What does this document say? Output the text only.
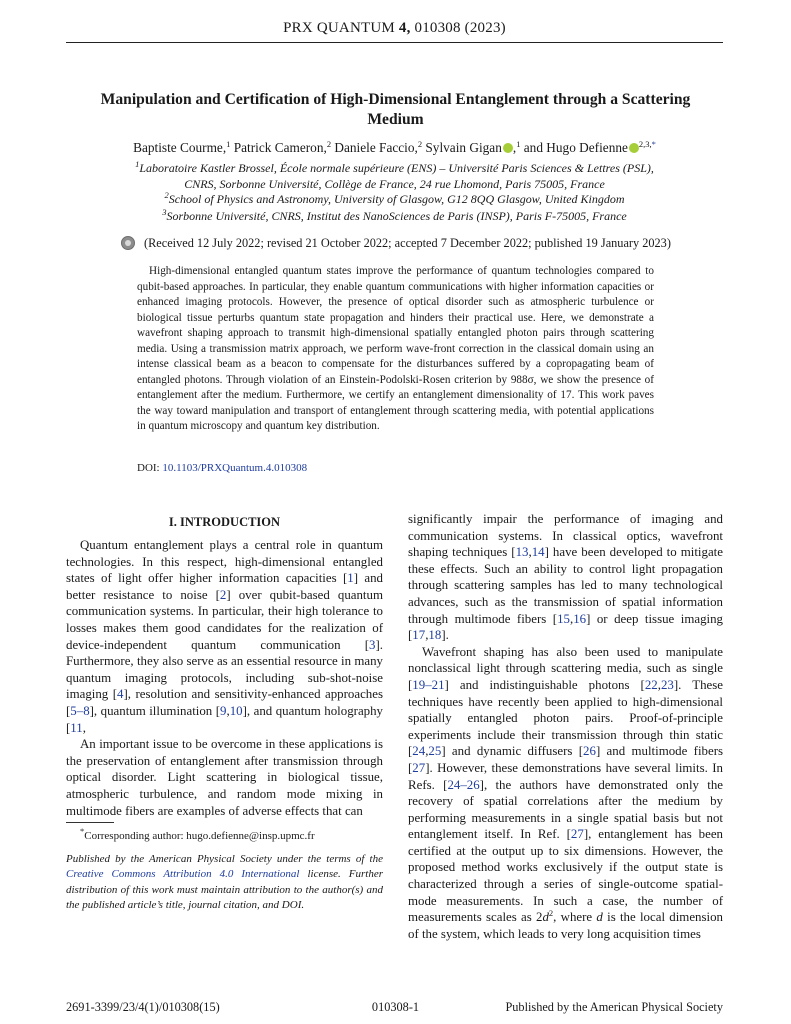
PRX QUANTUM 4, 010308 (2023)
Manipulation and Certification of High-Dimensional Entanglement through a Scattering Medium
Baptiste Courme,$^1$ Patrick Cameron,$^2$ Daniele Faccio,$^2$ Sylvain Gigan ,$^1$ and Hugo Defienne $^{2,3,*}$
$^1$Laboratoire Kastler Brossel, École normale supérieure (ENS) – Université Paris Sciences & Lettres (PSL),
CNRS, Sorbonne Université, Collège de France, 24 rue Lhomond, Paris 75005, France
$^2$School of Physics and Astronomy, University of Glasgow, G12 8QQ Glasgow, United Kingdom
$^3$Sorbonne Université, CNRS, Institut des NanoSciences de Paris (INSP), Paris F-75005, France
(Received 12 July 2022; revised 21 October 2022; accepted 7 December 2022; published 19 January 2023)
High-dimensional entangled quantum states improve the performance of quantum technologies compared to qubit-based approaches. In particular, they enable quantum communications with higher information capacities or enhanced imaging protocols. However, the presence of optical disorder such as atmospheric turbulence or biological tissue perturbs quantum state propagation and hinders their practical use. Here, we demonstrate a wavefront shaping approach to transmit high-dimensional spatially entangled photon pairs through scattering media. Using a transmission matrix approach, we perform wave-front correction in the classical domain using an intense classical beam as a beacon to compensate for the disturbances suffered by a copropagating beam of entangled photons. Through violation of an Einstein-Podolski-Rosen criterion by 988σ, we show the presence of entanglement after the medium. Furthermore, we certify an entanglement dimensionality of 17. This work paves the way toward manipulation and transport of entanglement through scattering media, with potential applications in quantum microscopy and quantum key distribution.
DOI: 10.1103/PRXQuantum.4.010308
I. INTRODUCTION

Quantum entanglement plays a central role in quantum technologies. In this respect, high-dimensional entangled states of light offer higher information capacities [1] and better resistance to noise [2] over qubit-based quantum communication systems. In particular, their high tolerance to losses makes them good candidates for the realization of device-independent quantum communication [3]. Furthermore, they also serve as an essential resource in many quantum imaging protocols, including sub-shot-noise imaging [4], resolution and sensitivity-enhanced approaches [5–8], quantum illumination [9,10], and quantum holography [11,

An important issue to be overcome in these applications is the preservation of entanglement after transmission through optical disorder. Light scattering in biological tissue, atmospheric turbulence, and random mode mixing in multimode fibers are examples of adverse effects that can

*Corresponding author: hugo.defienne@insp.upmc.fr
Published by the American Physical Society under the terms of the Creative Commons Attribution 4.0 International license. Further distribution of this work must maintain attribution to the author(s) and the published article’s title, journal citation, and DOI.

significantly impair the performance of imaging and communication systems. In classical optics, wavefront shaping techniques [13,14] have been developed to mitigate these effects. Such an ability to control light propagation through scattering samples has led to many technological advances, such as the transmission of spatial information through multimode fibers [15,16] or deep tissue imaging [17,18].

Wavefront shaping has also been used to manipulate nonclassical light through scattering media, such as single [19–21] and indistinguishable photons [22,23]. These techniques have recently been applied to high-dimensional spatially entangled photon pairs. Proof-of-principle experiments include their transmission through thin static [24,25] and dynamic diffusers [26] and multimode fibers [27]. However, these demonstrations have several limits. In Refs. [24–26], the authors have demonstrated only the recovery of spatial correlations after the medium by performing measurements in a single spatial basis but not entanglement itself. In Ref. [27], entanglement has been certified at the output up to six dimensions. However, the proposed method works exclusively if the output state is characterized through a series of single-outcome spatial-mode measurements. In such a case, the number of measurements scales as $2d^2$, where d is the local dimension of the system, which leads to very long acquisition times

2691-3399/23/4(1)/010308(15)	010308-1	Published by the American Physical Society
